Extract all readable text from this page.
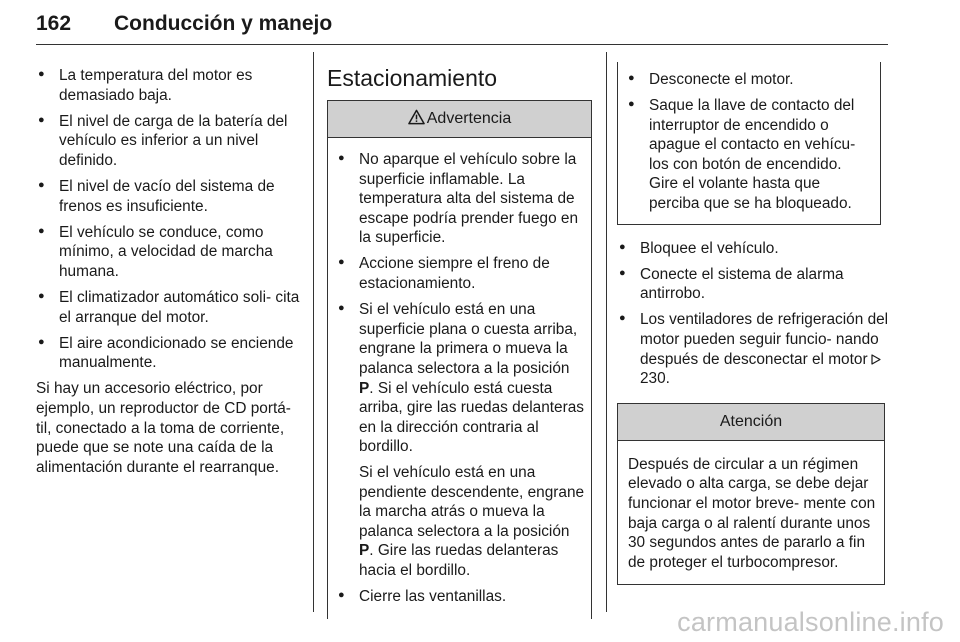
162 Conducción y manejo
● La temperatura del motor es demasiado baja.
● El nivel de carga de la batería del vehículo es inferior a un nivel definido.
● El nivel de vacío del sistema de frenos es insuficiente.
● El vehículo se conduce, como mínimo, a velocidad de marcha humana.
● El climatizador automático soli- cita el arranque del motor.
● El aire acondicionado se enciende manualmente.

Si hay un accesorio eléctrico, por ejemplo, un reproductor de CD portá- til, conectado a la toma de corriente, puede que se note una caída de la alimentación durante el rearranque.

Estacionamiento
Advertencia
● No aparque el vehículo sobre la superficie inflamable. La temperatura alta del sistema de escape podría prender fuego en la superficie.
● Accione siempre el freno de estacionamiento.
● Si el vehículo está en una superficie plana o cuesta arriba, engrane la primera o mueva la palanca selectora a la posición P. Si el vehículo está cuesta arriba, gire las ruedas delanteras en la dirección contraria al bordillo.
Si el vehículo está en una pendiente descendente, engrane la marcha atrás o mueva la palanca selectora a la posición P. Gire las ruedas delanteras hacia el bordillo.
● Cierre las ventanillas.
● Desconecte el motor.
● Saque la llave de contacto del interruptor de encendido o apague el contacto en vehícu- los con botón de encendido. Gire el volante hasta que perciba que se ha bloqueado.
● Bloquee el vehículo.
● Conecte el sistema de alarma antirrobo.
● Los ventiladores de refrigeración del motor pueden seguir funcio- nando después de desconectar el motor230.
Atención
Después de circular a un régimen elevado o alta carga, se debe dejar funcionar el motor breve- mente con baja carga o al ralentí durante unos 30 segundos antes de pararlo a fin de proteger el turbocompresor.
carmanualsonline.info
